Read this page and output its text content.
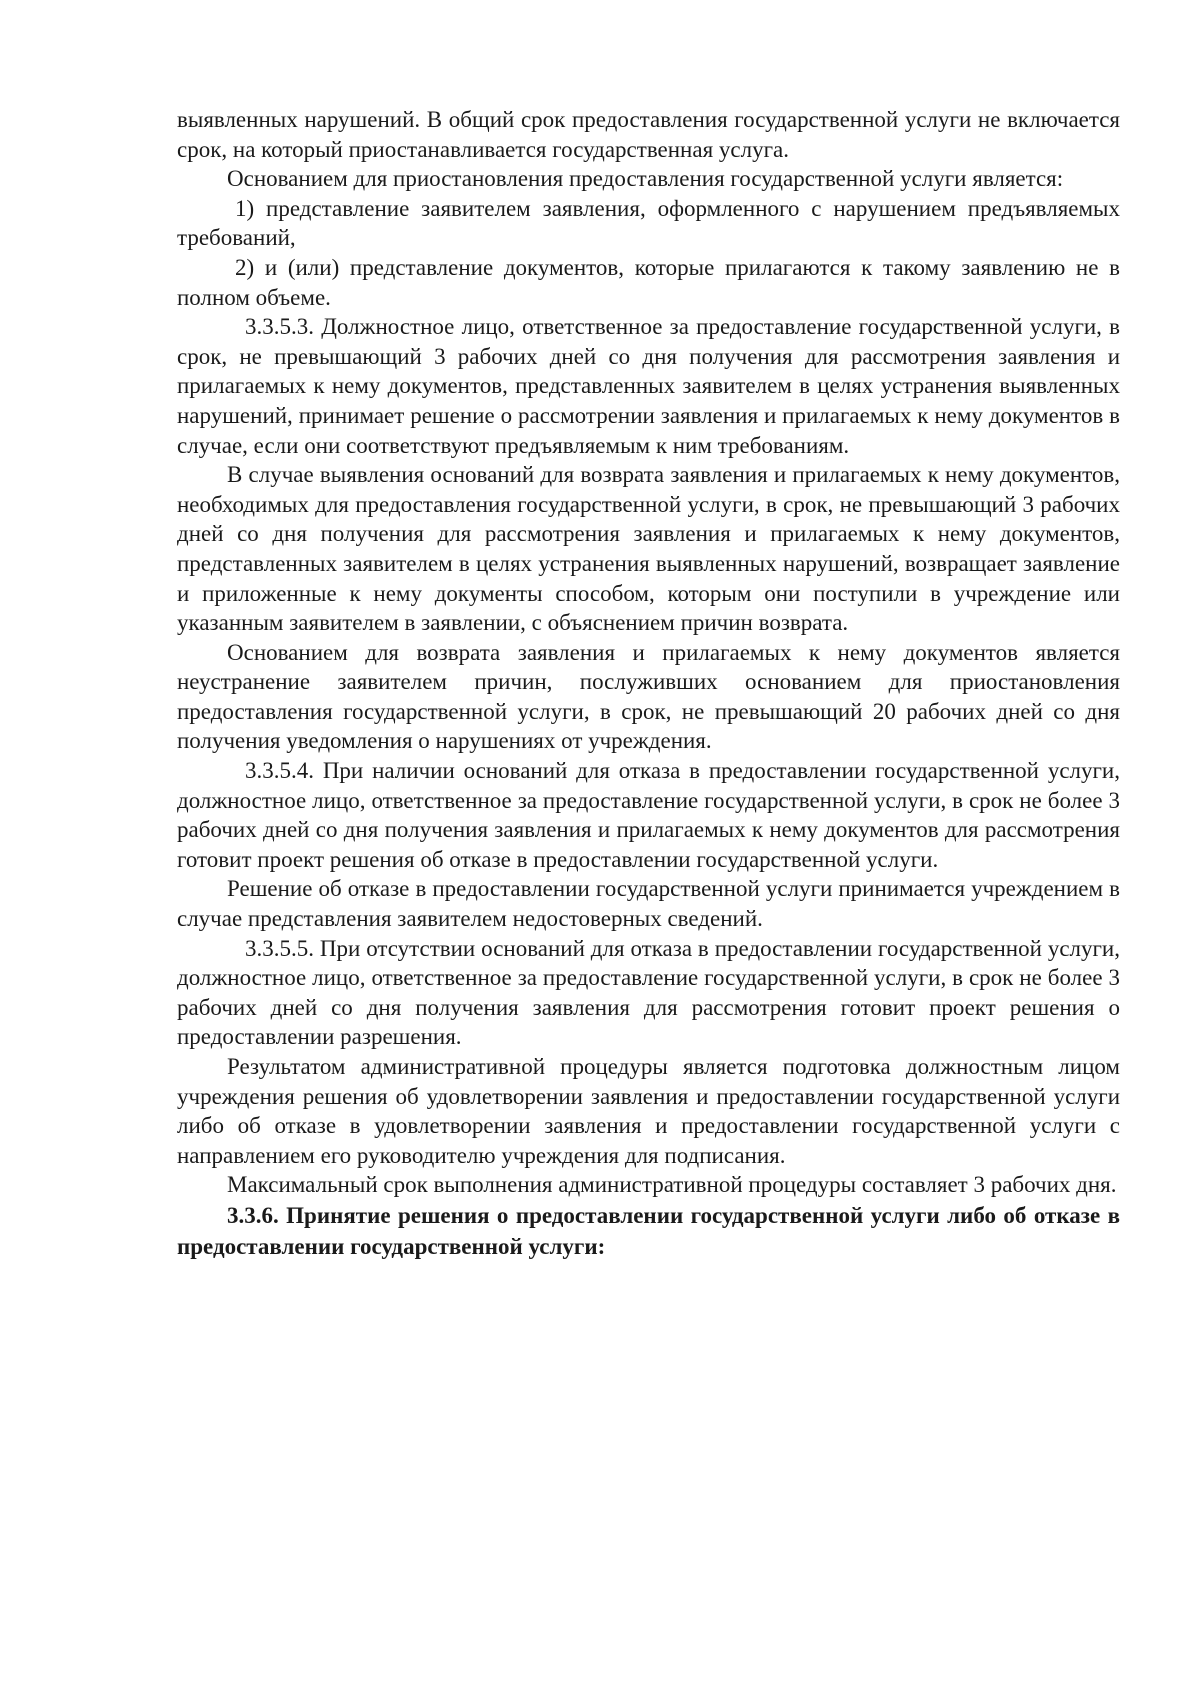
выявленных нарушений. В общий срок предоставления государственной услуги не включается срок, на который приостанавливается государственная услуга.

Основанием для приостановления предоставления государственной услуги является:

1) представление заявителем заявления, оформленного с нарушением предъявляемых требований,

2) и (или) представление документов, которые прилагаются к такому заявлению не в полном объеме.

3.3.5.3. Должностное лицо, ответственное за предоставление государственной услуги, в срок, не превышающий 3 рабочих дней со дня получения для рассмотрения заявления и прилагаемых к нему документов, представленных заявителем в целях устранения выявленных нарушений, принимает решение о рассмотрении заявления и прилагаемых к нему документов в случае, если они соответствуют предъявляемым к ним требованиям.

В случае выявления оснований для возврата заявления и прилагаемых к нему документов, необходимых для предоставления государственной услуги, в срок, не превышающий 3 рабочих дней со дня получения для рассмотрения заявления и прилагаемых к нему документов, представленных заявителем в целях устранения выявленных нарушений, возвращает заявление и приложенные к нему документы способом, которым они поступили в учреждение или указанным заявителем в заявлении, с объяснением причин возврата.

Основанием для возврата заявления и прилагаемых к нему документов является неустранение заявителем причин, послуживших основанием для приостановления предоставления государственной услуги, в срок, не превышающий 20 рабочих дней со дня получения уведомления о нарушениях от учреждения.

3.3.5.4. При наличии оснований для отказа в предоставлении государственной услуги, должностное лицо, ответственное за предоставление государственной услуги, в срок не более 3 рабочих дней со дня получения заявления и прилагаемых к нему документов для рассмотрения готовит проект решения об отказе в предоставлении государственной услуги.

Решение об отказе в предоставлении государственной услуги принимается учреждением в случае представления заявителем недостоверных сведений.

3.3.5.5. При отсутствии оснований для отказа в предоставлении государственной услуги, должностное лицо, ответственное за предоставление государственной услуги, в срок не более 3 рабочих дней со дня получения заявления для рассмотрения готовит проект решения о предоставлении разрешения.

Результатом административной процедуры является подготовка должностным лицом учреждения решения об удовлетворении заявления и предоставлении государственной услуги либо об отказе в удовлетворении заявления и предоставлении государственной услуги с направлением его руководителю учреждения для подписания.

Максимальный срок выполнения административной процедуры составляет 3 рабочих дня.

3.3.6. Принятие решения о предоставлении государственной услуги либо об отказе в предоставлении государственной услуги:
